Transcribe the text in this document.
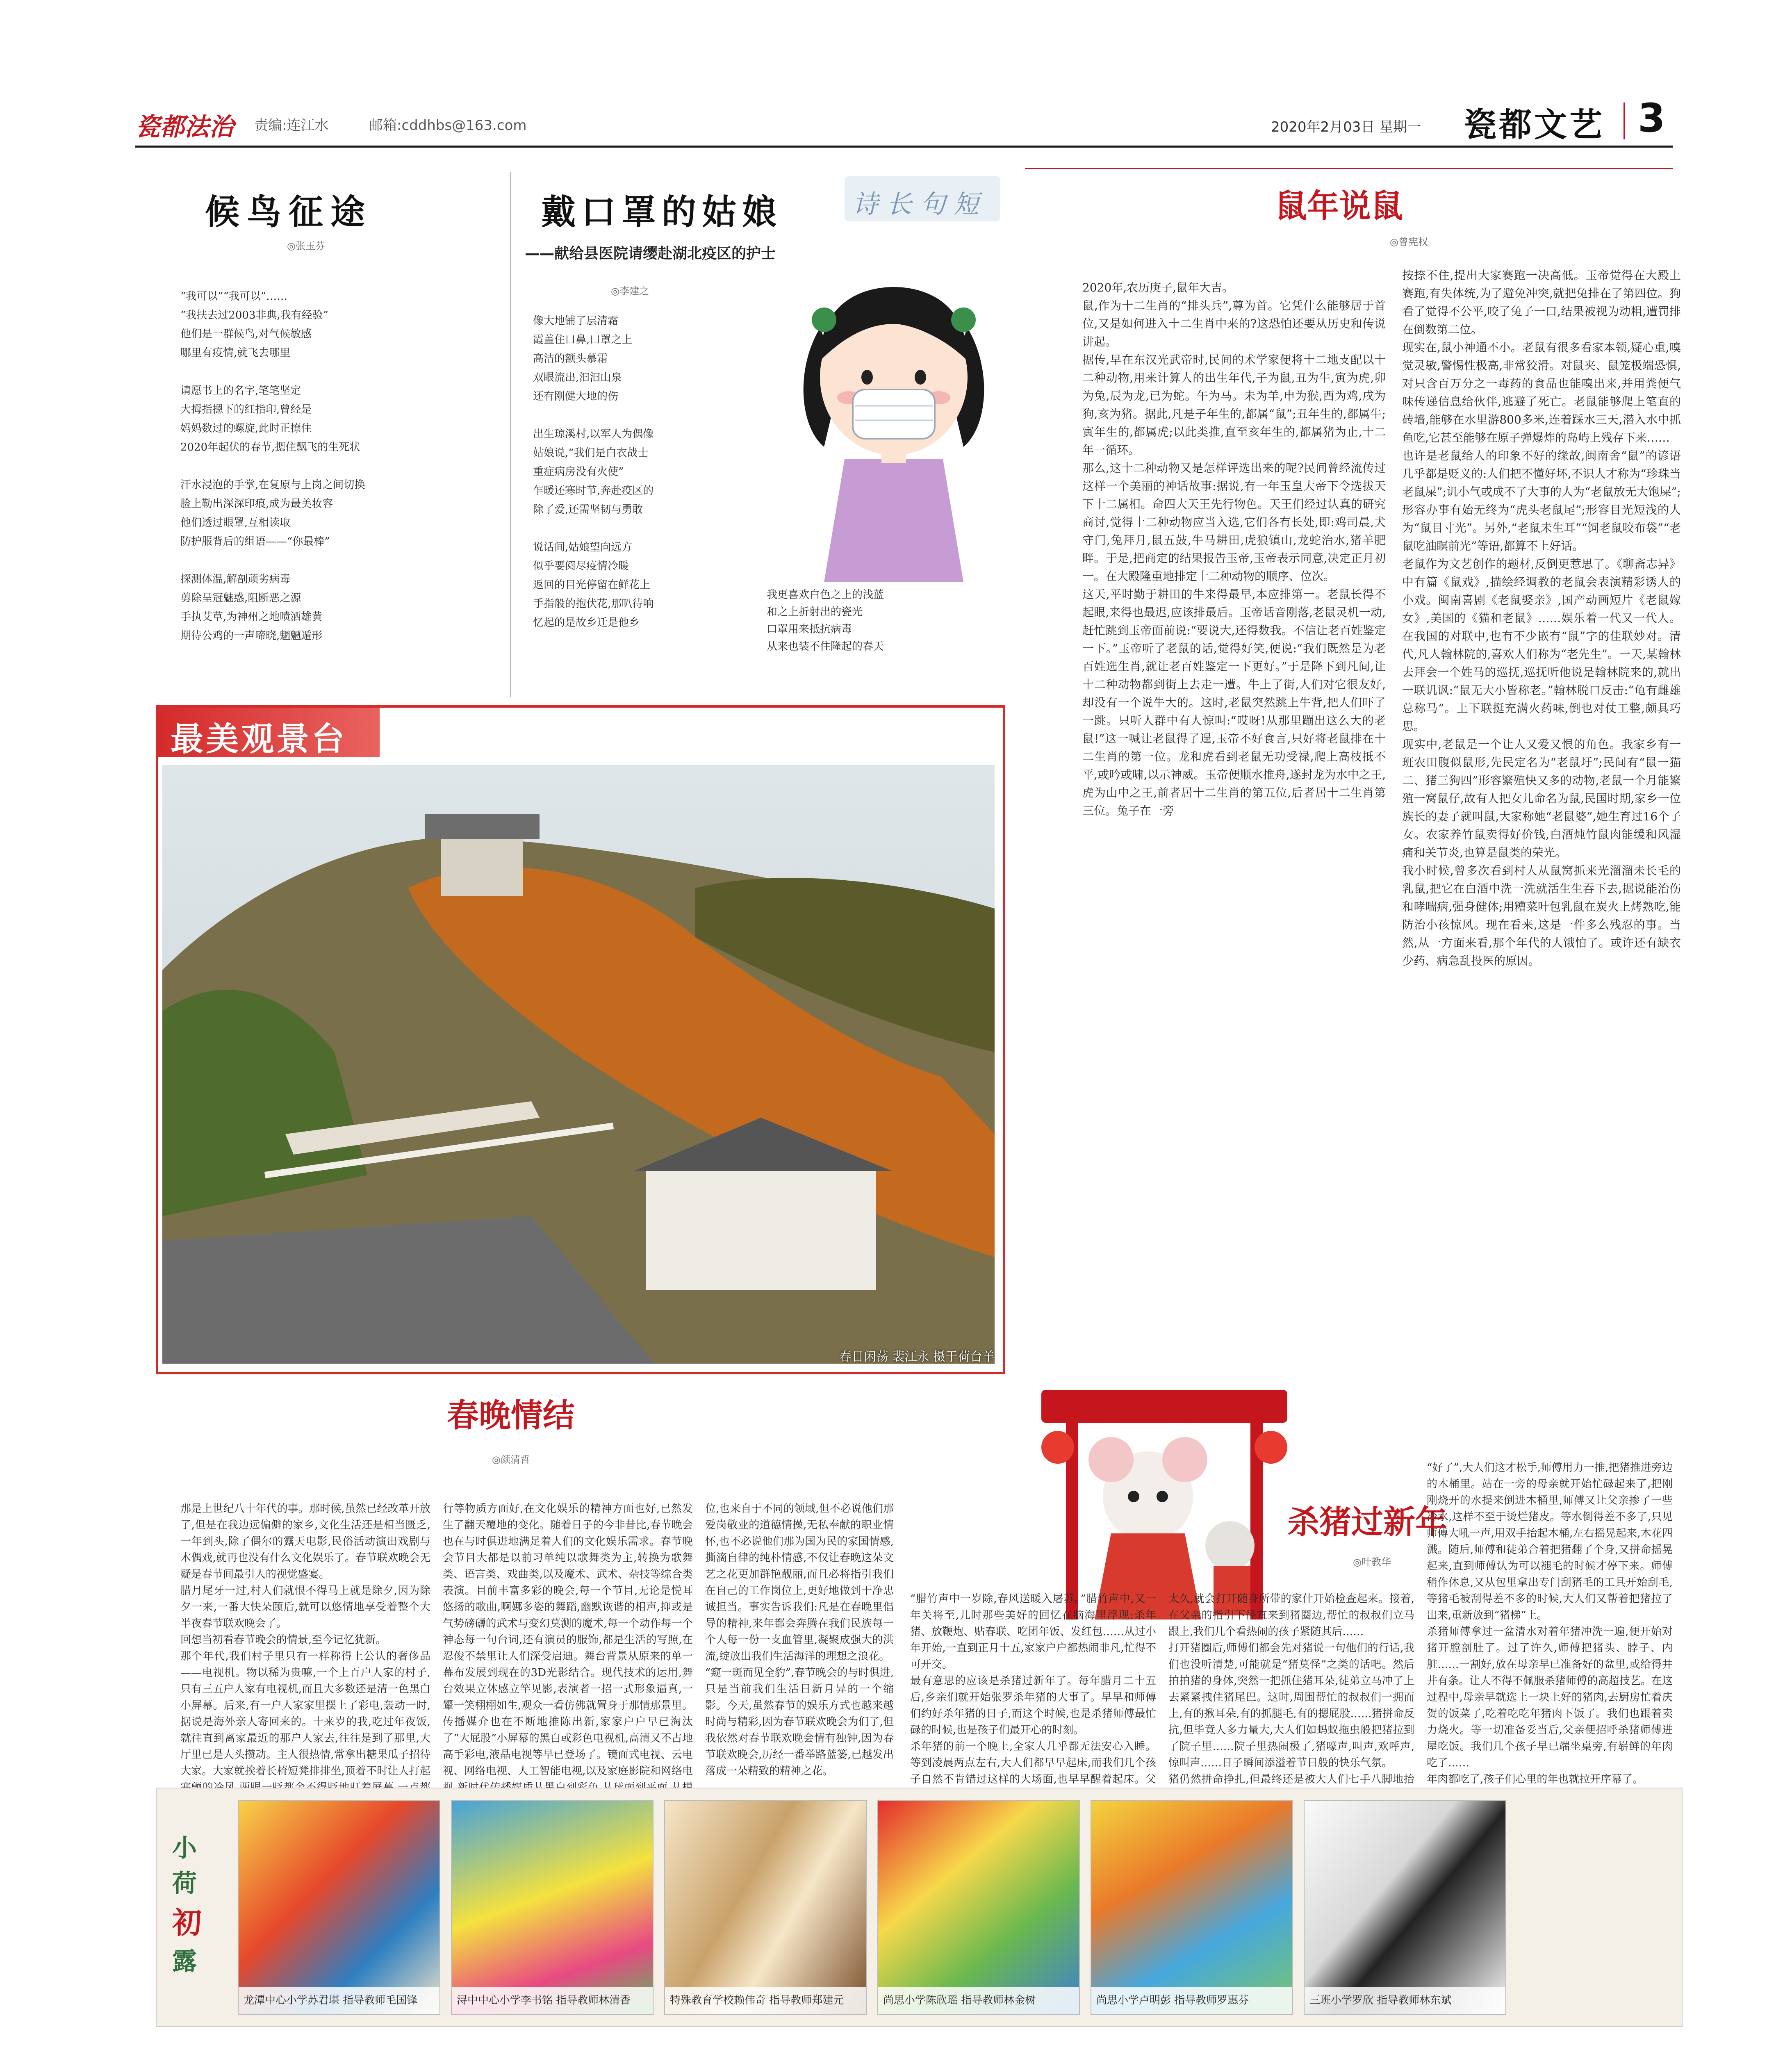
瓷都法治 责编:连江水	邮箱:cddhbs@163.com	2020年2月03日 星期一 瓷都文艺 3
候鸟征途
◎张玉芬
“我可以”“我可以”……
“我扶去过2003非典,我有经验”
他们是一群候鸟,对气候敏感
哪里有疫情,就飞去哪里

请愿书上的名字,笔笔坚定
大拇指摁下的红指印,曾经是
妈妈数过的螺旋,此时正撩住
2020年起伏的春节,摁住飘飞的生死状

汗水浸泡的手掌,在复原与上岗之间切换
脸上勒出深深印痕,成为最美妆容
他们透过眼罩,互相读取
防护服背后的组语——“你最棒”

探测体温,解剖顽劣病毒
剪除呈冠魅惑,阻断恶之源
手执艾草,为神州之地喷洒雄黄
期待公鸡的一声啼晓,魍魉遁形
诗长句短
戴口罩的姑娘
——献给县医院请缨赴湖北疫区的护士
◎李建之
像大地铺了层清霜
霞盖住口鼻,口罩之上
高洁的额头慕霜
双眼流出,汩汩山泉
还有刚健大地的伤

出生琼溪村,以军人为偶像
姑娘说,“我们是白衣战士
重症病房没有火使”
乍暖还寒时节,奔赴疫区的
除了爱,还需坚韧与勇敢

说话间,姑娘望向远方
似乎要阅尽疫情冷暖
返回的目光停留在鲜花上
手指般的抱伏花,那叭待响
忆起的是故乡迁是他乡
我更喜欢白色之上的浅蓝
和之上折射出的瓷光
口罩用来抵抗病毒
从来也装不住隆起的春天
鼠年说鼠
◎曾宪权
2020年,农历庚子,鼠年大吉。
鼠,作为十二生肖的“排头兵”,尊为首。它凭什么能够居于首位,又是如何进入十二生肖中来的?这恐怕还要从历史和传说讲起。
据传,早在东汉光武帝时,民间的术学家便将十二地支配以十二种动物,用来计算人的出生年代,子为鼠,丑为牛,寅为虎,卯为兔,辰为龙,已为蛇。午为马。未为羊,申为猴,酉为鸡,戌为狗,亥为猪。据此,凡是子年生的,都属“鼠”;丑年生的,都属牛;寅年生的,都属虎;以此类推,直至亥年生的,都属猪为止,十二年一循环。
那么,这十二种动物又是怎样评选出来的呢?民间曾经流传过这样一个美丽的神话故事:据说,有一年玉皇大帝下令选拔天下十二属相。命四大天王先行物色。天王们经过认真的研究商讨,觉得十二种动物应当入选,它们各有长处,即:鸡司晨,犬守门,兔拜月,鼠五鼓,牛马耕田,虎狼镇山,龙蛇治水,猪羊肥畔。于是,把商定的结果报告玉帝,玉帝表示同意,决定正月初一。在大殿隆重地排定十二种动物的顺序、位次。
这天,平时勤于耕田的牛来得最早,本应排第一。老鼠长得不起眼,来得也最迟,应该排最后。玉帝话音刚落,老鼠灵机一动,赶忙跳到玉帝面前说:“要说大,还得数我。不信让老百姓鉴定一下。”玉帝听了老鼠的话,觉得好笑,便说:“我们既然是为老百姓选生肖,就让老百姓鉴定一下更好。”于是降下到凡间,让十二种动物都到街上去走一遭。牛上了街,人们对它很友好,却没有一个说牛大的。这时,老鼠突然跳上牛背,把人们吓了一跳。只听人群中有人惊叫:“哎呀!从那里蹦出这么大的老鼠!”这一喊让老鼠得了逞,玉帝不好食言,只好将老鼠排在十二生肖的第一位。龙和虎看到老鼠无功受禄,爬上高枝抵不平,或吟或啸,以示神威。玉帝便顺水推舟,遂封龙为水中之王,虎为山中之王,前者居十二生肖的第五位,后者居十二生肖第三位。兔子在一旁
按捺不住,提出大家赛跑一决高低。玉帝觉得在大殿上赛跑,有失体统,为了避免冲突,就把兔排在了第四位。狗看了觉得不公平,咬了兔子一口,结果被视为动粗,遭罚排在倒数第二位。
现实在,鼠小神通不小。老鼠有很多看家本领,疑心重,嗅觉灵敏,警惕性极高,非常狡滑。对鼠夹、鼠笼极端恐惧,对只含百万分之一毒药的食品也能嗅出来,并用粪便气味传递信息给伙伴,逃避了死亡。老鼠能够爬上笔直的砖墙,能够在水里游800多米,连着踩水三天,潜入水中抓鱼吃,它甚至能够在原子弹爆炸的岛屿上残存下来……
也许是老鼠给人的印象不好的缘故,闽南舍“鼠”的谚语几乎都是贬义的:人们把不懂好坏,不识人才称为“珍珠当老鼠屎”;讥小气或成不了大事的人为“老鼠放无大饱屎”;形容办事有始无终为“虎头老鼠尾”;形容目光短浅的人为“鼠目寸光”。另外,“老鼠未生耳”“饲老鼠咬布袋”“老鼠吃油瞑前光”等语,都算不上好话。
老鼠作为文艺创作的题材,反倒更惹思了。《聊斋志异》中有篇《鼠戏》,描绘经调教的老鼠会表演精彩诱人的小戏。闽南喜剧《老鼠娶亲》,国产动画短片《老鼠嫁女》,美国的《猫和老鼠》……娱乐着一代又一代人。在我国的对联中,也有不少嵌有“鼠”字的佳联妙对。清代,凡人翰林院的,喜欢人们称为“老先生”。一天,某翰林去拜会一个姓马的巡抚,巡抚听他说是翰林院来的,就出一联讥讽:“鼠无大小皆称老。”翰林脱口反击:“龟有雌雄总称马”。上下联挺充满火药味,倒也对仗工整,颇具巧思。
现实中,老鼠是一个让人又爱又恨的角色。我家乡有一班农田腹似鼠形,先民定名为“老鼠圩”;民间有“鼠一猫二、猪三狗四”形容繁殖快又多的动物,老鼠一个月能繁殖一窝鼠仔,故有人把女儿命名为鼠,民国时期,家乡一位族长的妻子就叫鼠,大家称她“老鼠婆”,她生育过16个子女。农家养竹鼠卖得好价钱,白酒炖竹鼠肉能缓和风湿痛和关节炎,也算是鼠类的荣光。
我小时候,曾多次看到村人从鼠窝抓来光溜溜未长毛的乳鼠,把它在白酒中洗一洗就活生生吞下去,据说能治伤和哮喘病,强身健体;用糟菜叶包乳鼠在炭火上烤熟吃,能防治小孩惊风。现在看来,这是一件多么残忍的事。当然,从一方面来看,那个年代的人饿怕了。或许还有缺衣少药、病急乱投医的原因。
最美观景台
春日闲荡 裴江永 摄于荷台羊
春晚情结
◎颜清哲
那是上世纪八十年代的事。那时候,虽然已经改革开放了,但是在我边远偏僻的家乡,文化生活还是相当匮乏,一年到头,除了偶尔的露天电影,民俗活动演出戏剧与木偶戏,就再也没有什么文化娱乐了。春节联欢晚会无疑是春节间最引人的视觉盛宴。
腊月尾牙一过,村人们就恨不得马上就是除夕,因为除夕一来,一番大快朵颐后,就可以悠情地享受着整个大半夜春节联欢晚会了。
回想当初看春节晚会的情景,至今记忆犹新。
那个年代,我们村子里只有一样称得上公认的奢侈品——电视机。物以稀为贵嘛,一个上百户人家的村子,只有三五户人家有电视机,而且大多数还是清一色黑白小屏幕。后来,有一户人家家里摆上了彩电,轰动一时,据说是海外亲人寄回来的。十来岁的我,吃过年夜饭,就往直到离家最近的那户人家去,往往是到了那里,大厅里已是人头攒动。主人很热情,常拿出糖果瓜子招待大家。大家就挨着长椅短凳排排坐,顶着不时让人打起

行等物质方面好,在文化娱乐的精神方面也好,已然发生了翻天覆地的变化。随着日子的今非昔比,春节晚会也在与时俱进地满足着人们的文化娱乐需求。春节晚会节目大都是以前习单纯以歌舞类为主,转换为歌舞类、语言类、戏曲类,以及魔术、武术、杂技等综合类表演。目前丰富多彩的晚会,每一个节目,无论是悦耳悠扬的歌曲,啊娜多姿的舞蹈,幽默诙谐的相声,抑或是气势磅礴的武术与变幻莫测的魔术,每一个动作每一个神态每一句台词,还有演员的服饰,都是生活的写照,在忍俊不禁里让人们深受启迪。舞台背景从原来的单一幕布发展到现在的3D光影结合。现代技术的运用,舞台效果立体感立竿见影,表演者一招一式形象逼真,一颦一笑栩栩如生,观众一看仿佛就置身于那情那景里。传播媒介也在不断地推陈出新,家家户户早已淘汰了“大屁股”小屏幕的黑白或彩色电视机,高清又不占地高手彩电,液晶电视等早已登场了。镜面式电视、云电视、网络电视、人工智能电视,以及家庭影院和网络电

位,也来自于不同的领域,但不必说他们那爱岗敬业的道德情操,无私奉献的职业情怀,也不必说他们那为国为民的家国情感,撕滴自律的纯朴情感,不仅让春晚这朵文艺之花更加群艳靓丽,而且必将指引我们在自己的工作岗位上,更好地做到干净忠诚担当。事实告诉我们:凡是在春晚里倡导的精神,来年都会奔腾在我们民族每一个人每一份一支血管里,凝聚成强大的洪流,绽放出我们生活海洋的理想之浪花。
“窥一斑而见全豹”,春节晚会的与时俱进,只是当前我们生活日新月异的一个缩影。今天,虽然春节的娱乐方式也越来越时尚与精彩,因为春节联欢晚会为们了,但我依然对春节联欢晚会情有独钟,因为春节联欢晚会,历经一番举路蓝篓,已越发出落成一朵精致的精神之花。
杀猪过新年
◎叶教华
“腊竹声中一岁除,春风送暖入屠苏。”腊竹声中,又一年关将至,儿时那些美好的回忆在脑海里浮现:杀年猪、放鞭炮、贴春联、吃团年饭、发红包……从过小年开始,一直到正月十五,家家户户都热闹非凡,忙得不可开交。
最有意思的应该是杀猪过新年了。每年腊月二十五后,乡亲们就开始张罗杀年猪的大事了。早早和师傅们约好杀年猪的日子,而这个时候,也是杀猪师傅最忙碌的时候,也是孩子们最开心的时刻。
杀年猪的前一个晚上,全家人几乎都无法安心入睡。等到凌晨两点左右,大人们都早早起床,而我们几个孩子自然不肯错过这样的大场面,也早早醒着起床。父
太久,就会打开随身所带的家什开始检查起来。接着,在父亲的指引下径直来到猪圈边,帮忙的叔叔们立马跟上,我们几个看热闹的孩子紧随其后……
打开猪圈后,师傅们都会先对猪说一句他们的行话,我们也没听清楚,可能就是“猪莫怪”之类的话吧。然后拍拍猪的身体,突然一把抓住猪耳朵,徒弟立马冲了上去紧紧拽住猪尾巴。这时,周围帮忙的叔叔们一拥而上,有的揪耳朵,有的抓腿毛,有的摁屁股……猪拼命反抗,但毕竟人多力量大,大人们如蚂蚁拖虫般把猪拉到了院子里……院子里热闹极了,猪嚎声,叫声,欢呼声,惊叫声……日子瞬间添溢着节日般的快乐气氛。
猪仍然拼命挣扎,但最终还是被大人们七手八脚地抬
“好了”,大人们这才松手,师傅用力一推,把猪推进旁边的木桶里。站在一旁的母亲就开始忙碌起来了,把刚刚烧开的水提来倒进木桶里,师傅又让父亲掺了一些冷水,这样不至于烫烂猪皮。等水倒得差不多了,只见师傅大吼一声,用双手抬起木桶,左右摇晃起来,木花四溅。随后,师傅和徒弟合着把猪翻了个身,又拼命摇晃起来,直到师傅认为可以褪毛的时候才停下来。师傅稍作休息,又从包里拿出专门刮猪毛的工具开始刮毛,等猪毛被刮得差不多的时候,大人们又帮着把猪拉了出来,重新放到“猪梯”上。
杀猪师傅拿过一盆清水对着年猪冲洗一遍,便开始对猪开膛剖肚了。过了许久,师傅把猪头、脖子、内脏……一割好,放在母亲早已准备好的盆里,或给得井井有条。让人不得不佩服杀猪师傅的高超技艺。在这过程中,母亲早就选上一块上好的猪肉,去厨房忙着庆贺的饭菜了,吃着吃吃年猪肉下饭了。我们也跟着卖力烧火。等一切准备妥当后,父亲便招呼杀猪师傅进屋吃饭。我们几个孩子早已端坐桌旁,有崭鲜的年肉吃了……
年肉都吃了,孩子们心里的年也就拉开序幕了。
小
荷
初
露
龙潭中心小学苏君堪 指导教师毛国锋	浔中中心小学李书铭 指导教师林清香	特殊教育学校赖伟奇 指导教师郑建元	尚思小学陈欣瑶 指导教师林金树	尚思小学卢明彭 指导教师罗惠芬	三班小学罗欣 指导教师林东斌
